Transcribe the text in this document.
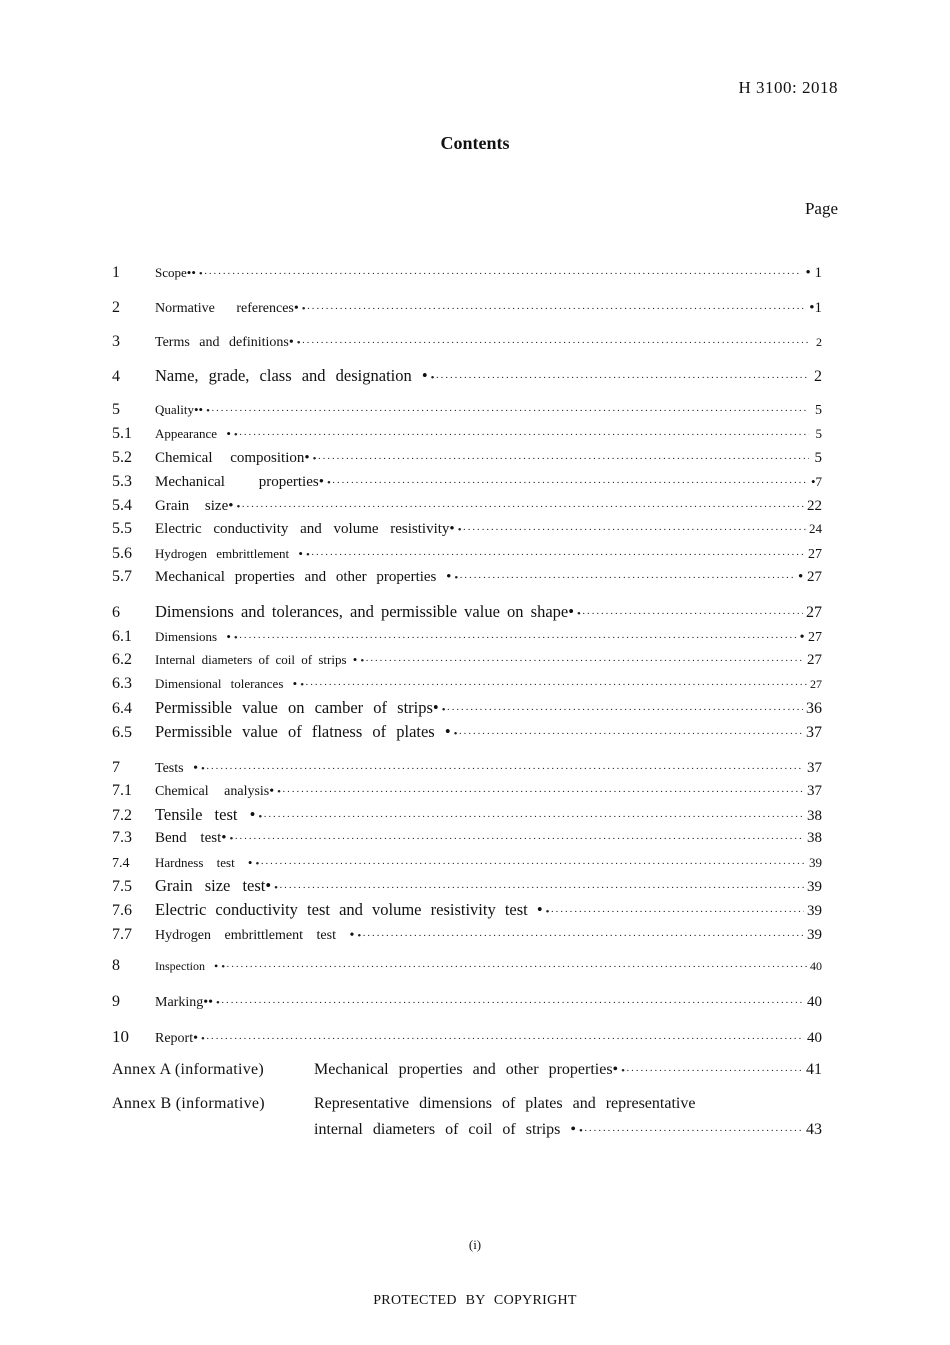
H 3100: 2018
Contents
Page
1	Scope•• •····	• 1
2	Normative references• •····	•1
3	Terms and definitions• •····	2
4	Name, grade, class and designation • •····	2
5	Quality•• •····	5
5.1	Appearance • •····	5
5.2	Chemical composition• •····	5
5.3	Mechanical properties• •····	•7
5.4	Grain size• •····	22
5.5	Electric conductivity and volume resistivity• •····	24
5.6	Hydrogen embrittlement • •····	27
5.7	Mechanical properties and other properties • •····	• 27
6	Dimensions and tolerances, and permissible value on shape• •····	27
6.1	Dimensions • •····	• 27
6.2	Internal diameters of coil of strips • •····	27
6.3	Dimensional tolerances • •····	27
6.4	Permissible value on camber of strips• •····	36
6.5	Permissible value of flatness of plates • •····	37
7	Tests • •····	37
7.1	Chemical analysis• •····	37
7.2	Tensile test • •····	38
7.3	Bend test• •····	38
7.4	Hardness test • •····	39
7.5	Grain size test• •····	39
7.6	Electric conductivity test and volume resistivity test • •····	39
7.7	Hydrogen embrittlement test • •····	39
8	Inspection • •····	40
9	Marking•• •····	40
10	Report• •····	40
Annex A (informative)	Mechanical properties and other properties• •····	41
Annex B (informative)	Representative dimensions of plates and representative
internal diameters of coil of strips • •····	43
(i)
PROTECTED BY COPYRIGHT
